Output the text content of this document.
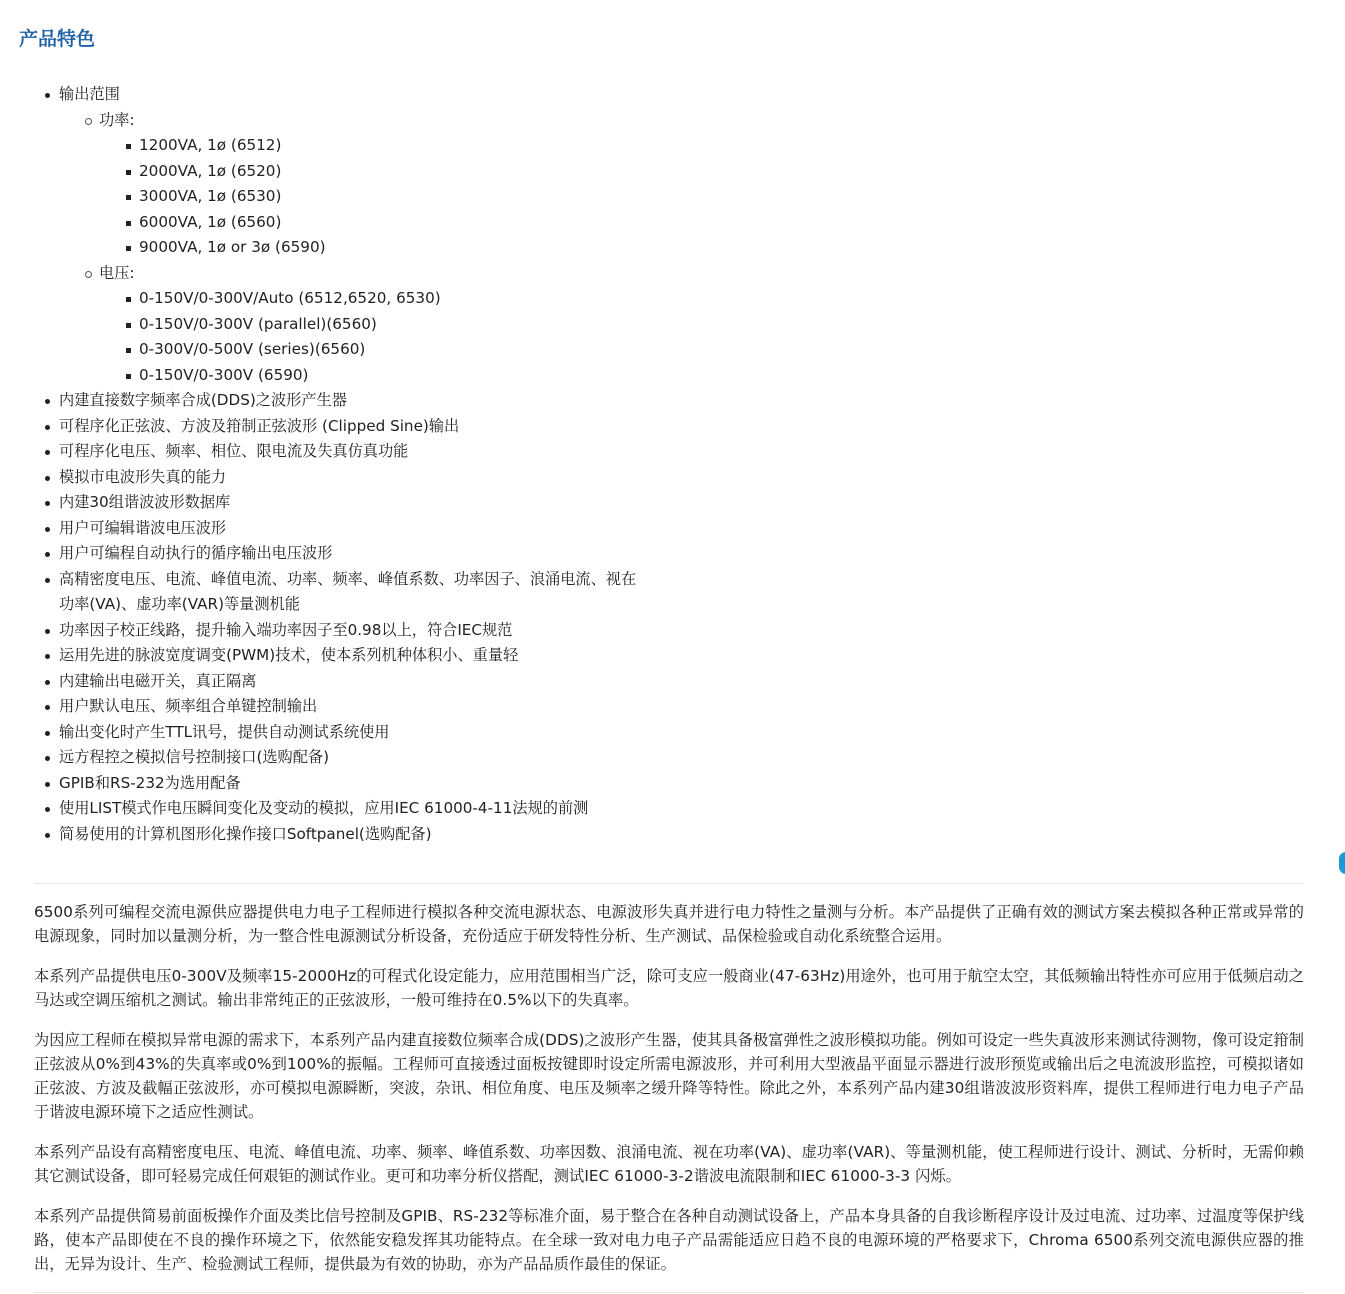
产品特色
输出范围
功率:
1200VA, 1ø (6512)
2000VA, 1ø (6520)
3000VA, 1ø (6530)
6000VA, 1ø (6560)
9000VA, 1ø or 3ø (6590)
电压:
0-150V/0-300V/Auto (6512,6520, 6530)
0-150V/0-300V (parallel)(6560)
0-300V/0-500V (series)(6560)
0-150V/0-300V (6590)
内建直接数字频率合成(DDS)之波形产生器
可程序化正弦波、方波及箝制正弦波形 (Clipped Sine)输出
可程序化电压、频率、相位、限电流及失真仿真功能
模拟市电波形失真的能力
内建30组谐波波形数据库
用户可编辑谐波电压波形
用户可编程自动执行的循序输出电压波形
高精密度电压、电流、峰值电流、功率、频率、峰值系数、功率因子、浪涌电流、视在功率(VA)、虚功率(VAR)等量测机能
功率因子校正线路，提升输入端功率因子至0.98以上，符合IEC规范
运用先进的脉波宽度调变(PWM)技术，使本系列机种体积小、重量轻
内建输出电磁开关，真正隔离
用户默认电压、频率组合单键控制输出
输出变化时产生TTL讯号，提供自动测试系统使用
远方程控之模拟信号控制接口(选购配备)
GPIB和RS-232为选用配备
使用LIST模式作电压瞬间变化及变动的模拟，应用IEC 61000-4-11法规的前测
简易使用的计算机图形化操作接口Softpanel(选购配备)

6500系列可编程交流电源供应器提供电力电子工程师进行模拟各种交流电源状态、电源波形失真并进行电力特性之量测与分析。本产品提供了正确有效的测试方案去模拟各种正常或异常的电源现象，同时加以量测分析，为一整合性电源测试分析设备，充份适应于研发特性分析、生产测试、品保检验或自动化系统整合运用。

本系列产品提供电压0-300V及频率15-2000Hz的可程式化设定能力，应用范围相当广泛，除可支应一般商业(47-63Hz)用途外，也可用于航空太空，其低频输出特性亦可应用于低频启动之马达或空调压缩机之测试。输出非常纯正的正弦波形，一般可维持在0.5%以下的失真率。

为因应工程师在模拟异常电源的需求下，本系列产品内建直接数位频率合成(DDS)之波形产生器，使其具备极富弹性之波形模拟功能。例如可设定一些失真波形来测试待测物，像可设定箝制正弦波从0%到43%的失真率或0%到100%的振幅。工程师可直接透过面板按键即时设定所需电源波形，并可利用大型液晶平面显示器进行波形预览或输出后之电流波形监控，可模拟诸如正弦波、方波及截幅正弦波形，亦可模拟电源瞬断，突波，杂讯、相位角度、电压及频率之缓升降等特性。除此之外，本系列产品内建30组谐波波形资料库，提供工程师进行电力电子产品于谐波电源环境下之适应性测试。

本系列产品设有高精密度电压、电流、峰值电流、功率、频率、峰值系数、功率因数、浪涌电流、视在功率(VA)、虚功率(VAR)、等量测机能，使工程师进行设计、测试、分析时，无需仰赖其它测试设备，即可轻易完成任何艰钜的测试作业。更可和功率分析仪搭配，测试IEC 61000-3-2谐波电流限制和IEC 61000-3-3 闪烁。

本系列产品提供简易前面板操作介面及类比信号控制及GPIB、RS-232等标准介面，易于整合在各种自动测试设备上，产品本身具备的自我诊断程序设计及过电流、过功率、过温度等保护线路，使本产品即使在不良的操作环境之下，依然能安稳发挥其功能特点。在全球一致对电力电子产品需能适应日趋不良的电源环境的严格要求下，Chroma 6500系列交流电源供应器的推出，无异为设计、生产、检验测试工程师，提供最为有效的协助，亦为产品品质作最佳的保证。
